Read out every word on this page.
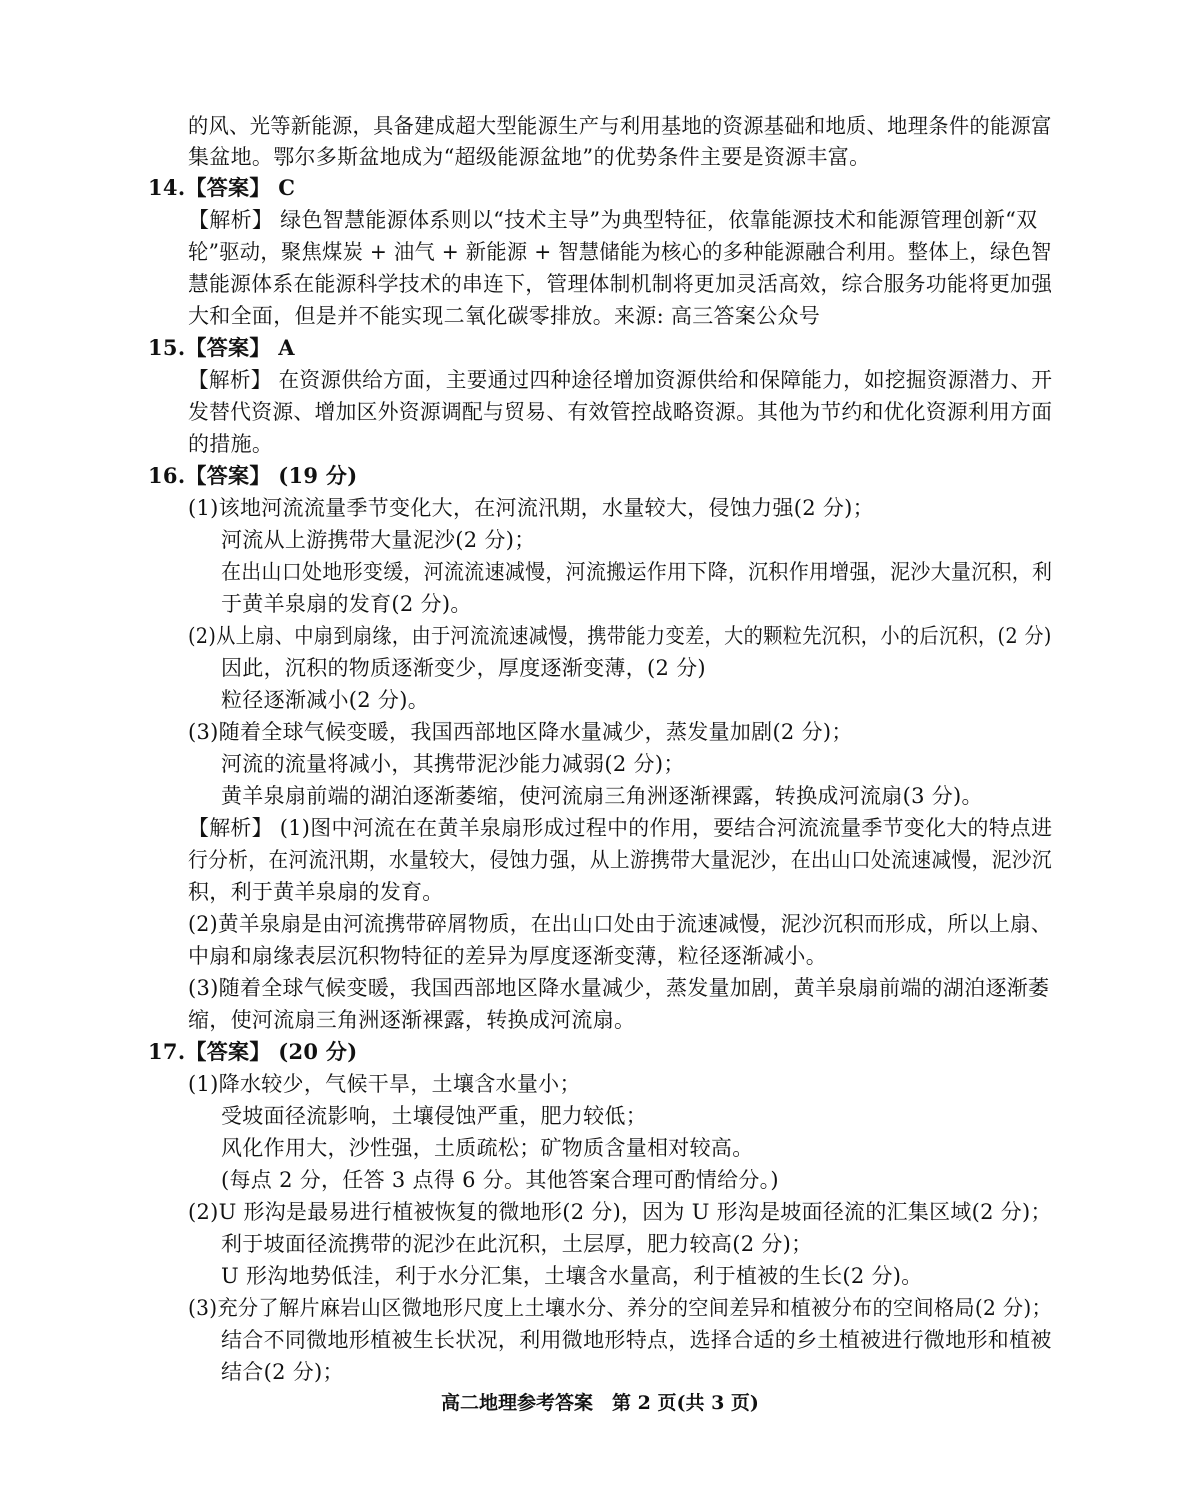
的风、光等新能源，具备建成超大型能源生产与利用基地的资源基础和地质、地理条件的能源富
集盆地。鄂尔多斯盆地成为“超级能源盆地”的优势条件主要是资源丰富。
14.【答案】 C
【解析】 绿色智慧能源体系则以“技术主导”为典型特征，依靠能源技术和能源管理创新“双
轮”驱动，聚焦煤炭 + 油气 + 新能源 + 智慧储能为核心的多种能源融合利用。整体上，绿色智
慧能源体系在能源科学技术的串连下，管理体制机制将更加灵活高效，综合服务功能将更加强
大和全面，但是并不能实现二氧化碳零排放。来源: 高三答案公众号
15.【答案】 A
【解析】 在资源供给方面，主要通过四种途径增加资源供给和保障能力，如挖掘资源潜力、开
发替代资源、增加区外资源调配与贸易、有效管控战略资源。其他为节约和优化资源利用方面
的措施。
16.【答案】 (19 分)
(1)该地河流流量季节变化大，在河流汛期，水量较大，侵蚀力强(2 分)；
河流从上游携带大量泥沙(2 分)；
在出山口处地形变缓，河流流速减慢，河流搬运作用下降，沉积作用增强，泥沙大量沉积，利
于黄羊泉扇的发育(2 分)。
(2)从上扇、中扇到扇缘，由于河流流速减慢，携带能力变差，大的颗粒先沉积，小的后沉积，(2 分)
因此，沉积的物质逐渐变少，厚度逐渐变薄，(2 分)
粒径逐渐减小(2 分)。
(3)随着全球气候变暖，我国西部地区降水量减少，蒸发量加剧(2 分)；
河流的流量将减小，其携带泥沙能力减弱(2 分)；
黄羊泉扇前端的湖泊逐渐萎缩，使河流扇三角洲逐渐裸露，转换成河流扇(3 分)。
【解析】 (1)图中河流在在黄羊泉扇形成过程中的作用，要结合河流流量季节变化大的特点进
行分析，在河流汛期，水量较大，侵蚀力强，从上游携带大量泥沙，在出山口处流速减慢，泥沙沉
积，利于黄羊泉扇的发育。
(2)黄羊泉扇是由河流携带碎屑物质，在出山口处由于流速减慢，泥沙沉积而形成，所以上扇、
中扇和扇缘表层沉积物特征的差异为厚度逐渐变薄，粒径逐渐减小。
(3)随着全球气候变暖，我国西部地区降水量减少，蒸发量加剧，黄羊泉扇前端的湖泊逐渐萎
缩，使河流扇三角洲逐渐裸露，转换成河流扇。
17.【答案】 (20 分)
(1)降水较少，气候干旱，土壤含水量小；
受坡面径流影响，土壤侵蚀严重，肥力较低；
风化作用大，沙性强，土质疏松；矿物质含量相对较高。
(每点 2 分，任答 3 点得 6 分。其他答案合理可酌情给分。)
(2)U 形沟是最易进行植被恢复的微地形(2 分)，因为 U 形沟是坡面径流的汇集区域(2 分)；
利于坡面径流携带的泥沙在此沉积，土层厚，肥力较高(2 分)；
U 形沟地势低洼，利于水分汇集，土壤含水量高，利于植被的生长(2 分)。
(3)充分了解片麻岩山区微地形尺度上土壤水分、养分的空间差异和植被分布的空间格局(2 分)；
结合不同微地形植被生长状况，利用微地形特点，选择合适的乡土植被进行微地形和植被
结合(2 分)；
高二地理参考答案　第 2 页(共 3 页)
